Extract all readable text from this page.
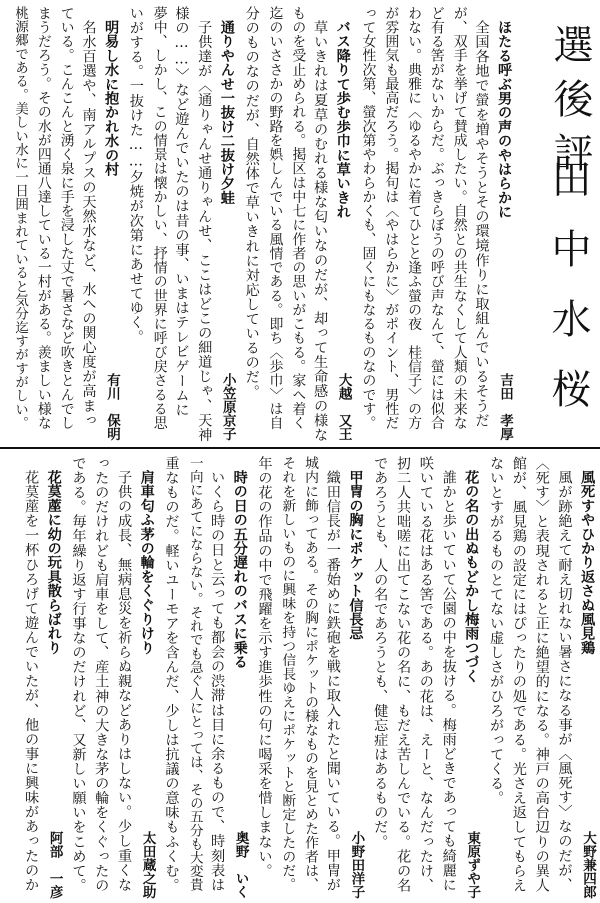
選後評
田中水桜
ほたる呼ぶ男の声のやはらかに
吉田　孝厚
全国各地で螢を増やそうとその環境作りに取組んでいるそうだ
が、双手を挙げて賛成したい。自然との共生なくして人類の未来な
ど有る筈がないからだ。ぶっきらぼうの呼び声なんて、螢には似合
わない。典雅に〈ゆるやかに着てひとと逢ふ螢の夜　桂信子〉の方
が雰囲気も最高だろう。掲句は〈やはらかに〉がポイント、男性だ
って女性次第、螢次第やわらかくも、固くにもなるものなのです。
バス降りて歩む歩巾に草いきれ
大越　又王
草いきれは夏草のむれる様な匂いなのだが、却って生命感の様な
ものを受止められる。掲区は中七に作者の思いがこもる。家へ着く
迄のいささかの野路を娯しんでいる風情である。即ち〈歩巾〉は自
分のものなのだが、自然体で草いきれに対応しているのだ。
通りやんせ一抜け二抜け夕蛙
小笠原京子
子供達が〈通りゃんせ通りゃんせ、ここはどこの細道じゃ、天神
様の……〉など遊んでいたのは昔の事、いまはテレビゲームに
夢中、しかし、この情景は懐かしい、抒情の世界に呼び戻さるる思
いがする。一抜けた……夕焼が次第にあせてゆく。
明易し水に抱かれ水の村
有川　保明
名水百選や、南アルプスの天然水など、水への関心度が高まっ
ている。こんこんと湧く泉に手を浸した丈で暑さなど吹きとんでし
まうだろう。その水が四通八達している一村がある。羨ましい様な
桃源郷である。美しい水に一日囲まれていると気分迄すがすがしい。
風死すやひかり返さぬ風見鶏
大野兼四郎
風が跡絶えて耐え切れない暑さになる事が〈風死す〉なのだが、
〈死す〉と表現されると正に絶望的になる。神戸の高台辺りの異人
館が、風見鶏の設定にはぴったりの処である。光さえ返してもらえ
ないとすがるものとてない虚しさがひろがってくる。
花の名の出ぬもどかし梅雨つづく
東原ずや子
誰かと歩いていて公園の中を抜ける。梅雨どきであっても綺麗に
咲いている花はある筈である。あの花は、えーと、なんだったけ、
扨二人共咄嗟に出てこない花の名に、もだえ苦しんでいる。花の名
であろうとも、人の名であろうとも、健忘症はあるものだ。
甲冑の胸にポケット信長忌
小野田洋子
織田信長が一番始めに鉄砲を戦に取入れたと聞いている。甲冑が
城内に飾ってある。その胸にポケットの様なものを見とめた作者は、
それを新しいものに興味を持つ信長ゆえにポケットと断定したのだ。
年の花の作品の中で飛躍を示す進歩性の句に喝采を惜しまない。
時の日の五分遅れのバスに乗る
奥野　いく
いくら時の日と云っても都会の渋滞は目に余るもので、時刻表は
一向にあてにならない。それでも急ぐ人にとっては、その五分も大変貴
重なものだ。軽いユーモアを含んだ、少しは抗議の意味もふくむ。
肩車匂ふ茅の輪をくぐりけり
太田蔵之助
子供の成長、無病息災を祈らぬ親などありはしない。少し重くな
ったのだけれども肩車をして、産土神の大きな茅の輪をくぐったの
である。毎年繰り返す行事なのだけれど、又新しい願いをこめて。
花茣蓙に幼の玩具散らばれり
阿部　一彦
花茣蓙を一杯ひろげて遊んでいたが、他の事に興味があったのか
